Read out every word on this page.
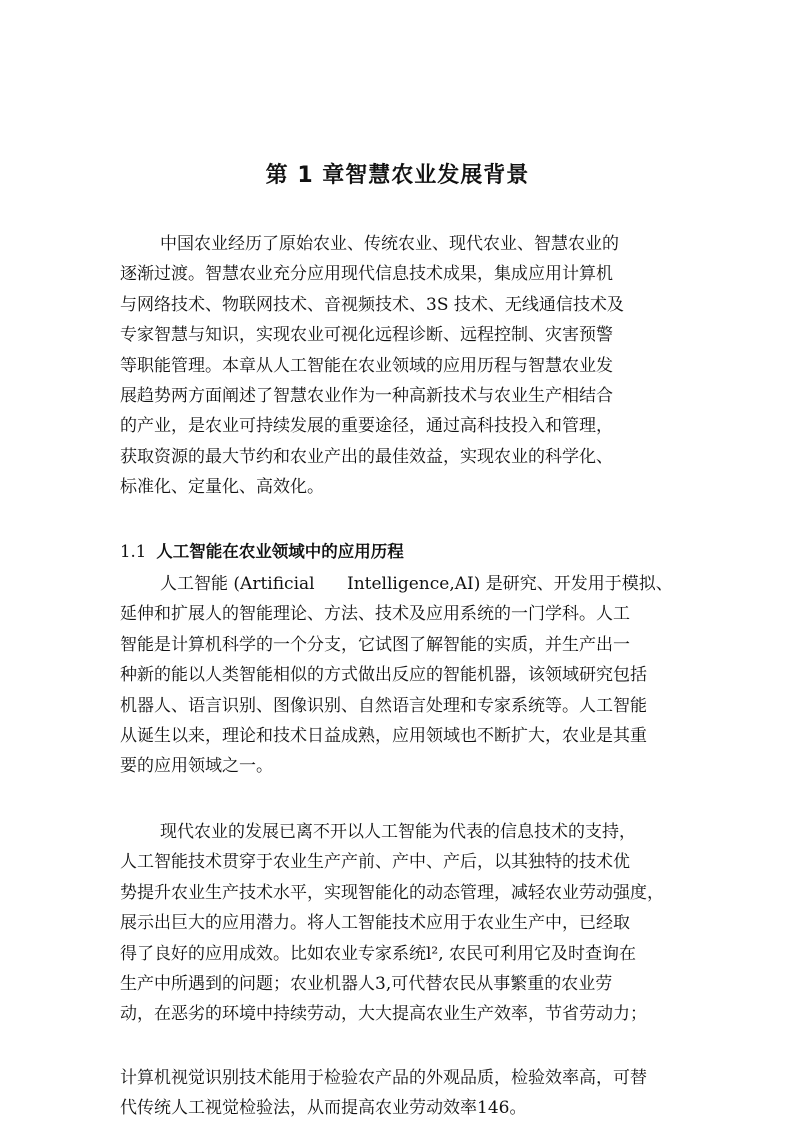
第 1 章智慧农业发展背景

中国农业经历了原始农业、传统农业、现代农业、智慧农业的
逐渐过渡。智慧农业充分应用现代信息技术成果，集成应用计算机
与网络技术、物联网技术、音视频技术、3S 技术、无线通信技术及
专家智慧与知识，实现农业可视化远程诊断、远程控制、灾害预警
等职能管理。本章从人工智能在农业领域的应用历程与智慧农业发
展趋势两方面阐述了智慧农业作为一种高新技术与农业生产相结合
的产业，是农业可持续发展的重要途径，通过高科技投入和管理，
获取资源的最大节约和农业产出的最佳效益，实现农业的科学化、
标准化、定量化、高效化。

1.1 人工智能在农业领域中的应用历程

人工智能 (Artificial      Intelligence,AI) 是研究、开发用于模拟、
延伸和扩展人的智能理论、方法、技术及应用系统的一门学科。人工
智能是计算机科学的一个分支，它试图了解智能的实质，并生产出一
种新的能以人类智能相似的方式做出反应的智能机器，该领域研究包括
机器人、语言识别、图像识别、自然语言处理和专家系统等。人工智能
从诞生以来，理论和技术日益成熟，应用领域也不断扩大，农业是其重
要的应用领域之一。

现代农业的发展已离不开以人工智能为代表的信息技术的支持，
人工智能技术贯穿于农业生产产前、产中、产后，以其独特的技术优
势提升农业生产技术水平，实现智能化的动态管理，减轻农业劳动强度，
展示出巨大的应用潜力。将人工智能技术应用于农业生产中，已经取
得了良好的应用成效。比如农业专家系统l², 农民可利用它及时查询在
生产中所遇到的问题；农业机器人3,可代替农民从事繁重的农业劳
动，在恶劣的环境中持续劳动，大大提高农业生产效率，节省劳动力；

计算机视觉识别技术能用于检验农产品的外观品质，检验效率高，可替
代传统人工视觉检验法，从而提高农业劳动效率146。
